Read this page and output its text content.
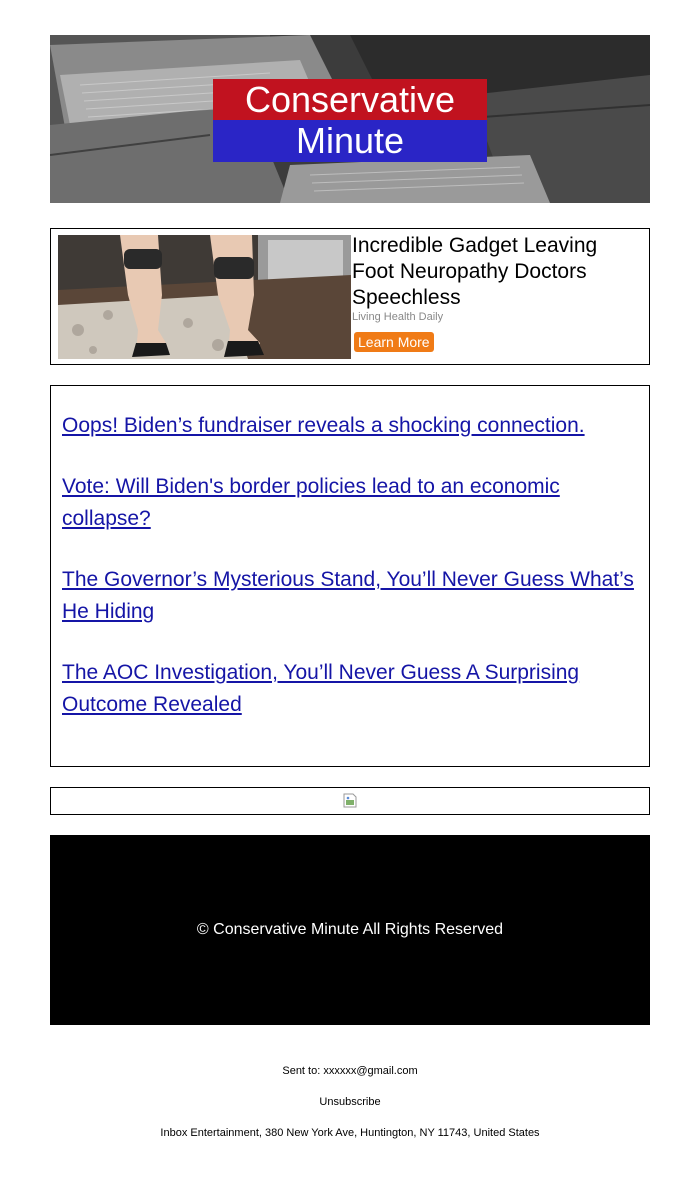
Conservative
Minute

Incredible Gadget Leaving Foot Neuropathy Doctors Speechless

Living Health Daily
Learn More
Oops! Biden’s fundraiser reveals a shocking connection.
Vote: Will Biden's border policies lead to an economic collapse?
The Governor’s Mysterious Stand, You’ll Never Guess What’s He Hiding
The AOC Investigation, You’ll Never Guess A Surprising Outcome Revealed
© Conservative Minute All Rights Reserved
Sent to: xxxxxx@gmail.com
Unsubscribe
Inbox Entertainment, 380 New York Ave, Huntington, NY 11743, United States
